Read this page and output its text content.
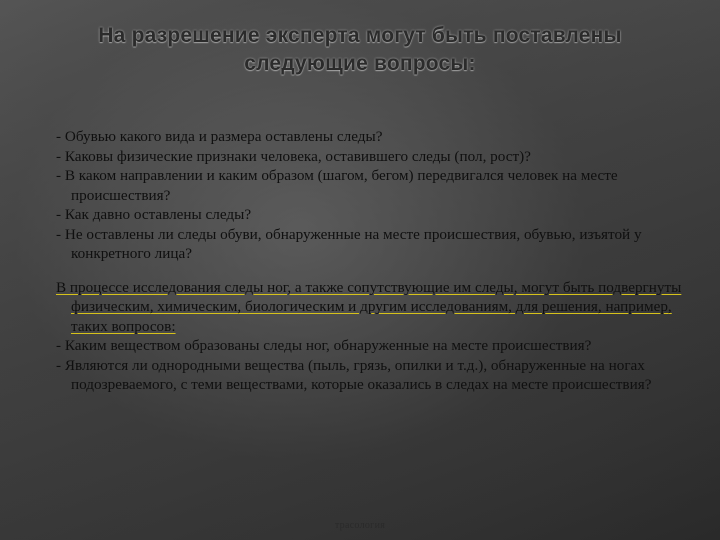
На разрешение эксперта могут быть поставлены
следующие вопросы:

- Обувью какого вида и размера оставлены следы?

- Каковы физические признаки человека, оставившего следы (пол, рост)?

- В каком направлении и каким образом (шагом, бегом) передвигался человек на месте происшествия?

- Как давно оставлены следы?

- Не оставлены ли следы обуви, обнаруженные на месте происшествия, обувью, изъятой у конкретного лица?

В процессе исследования следы ног, а также сопутствующие им следы, могут быть подвергнуты физическим, химическим, биологическим и другим исследованиям, для решения, например, таких вопросов:

- Каким веществом образованы следы ног, обнаруженные на месте происшествия?

- Являются ли однородными вещества (пыль, грязь, опилки и т.д.), обнаруженные на ногах подозреваемого, с теми веществами, которые оказались в следах на месте происшествия?

трасология
